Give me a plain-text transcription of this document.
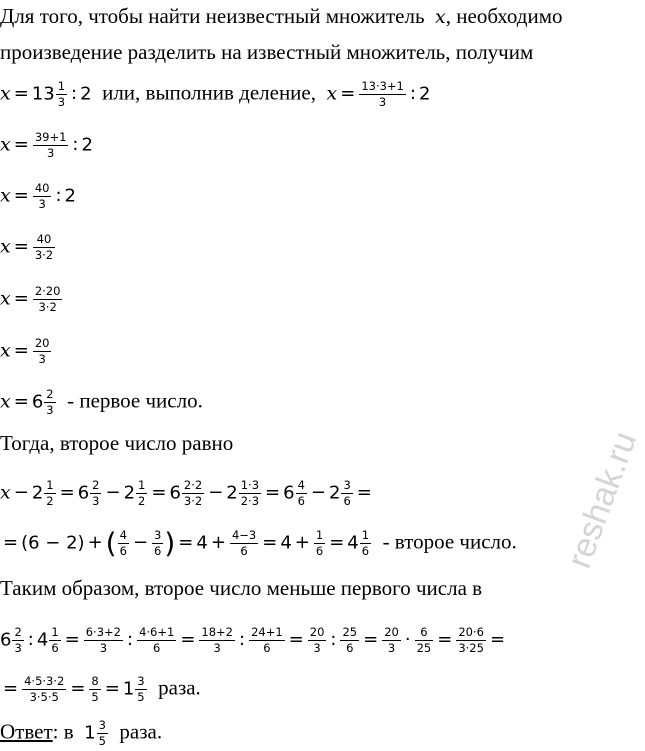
Для того, чтобы найти неизвестный множитель x, необходимо
произведение разделить на известный множитель, получим
$x = 13 \frac{1}{3}$ : 2 или, выполнив деление, $x = \frac{13\cdot 3+1}{3}$ : 2
$x = \frac{39+1}{3}$ : 2
$x = \frac{40}{3}$ : 2
$x = \frac{40}{3\cdot 2}$
$x = \frac{2\cdot 20}{3\cdot 2}$
$x = \frac{20}{3}$
$x = 6 \frac{2}{3}$ - первое число.
Тогда, второе число равно
$x - 2 \frac{1}{2} = 6 \frac{2}{3} - 2 \frac{1}{2} = 6 \frac{2\cdot 2}{3\cdot 2} - 2 \frac{1\cdot 3}{2\cdot 3} = 6 \frac{4}{6} - 2 \frac{3}{6}$ =
= (6 − 2) + ( $\frac{4}{6} - \frac{3}{6}$ ) = $4 + \frac{4-3}{6} = 4 + \frac{1}{6} = 4 \frac{1}{6}$ - второе число.
Таким образом, второе число меньше первого числа в
$6 \frac{2}{3}$ : $4 \frac{1}{6} = \frac{6\cdot 3+2}{3}$ : $\frac{4\cdot 6+1}{6} = \frac{18+2}{3}$ : $\frac{24+1}{6} = \frac{20}{3}$ : $\frac{25}{6} = \frac{20}{3} \cdot \frac{6}{25} = \frac{20\cdot 6}{3\cdot 25}$ =
= $\frac{4\cdot 5\cdot 3\cdot 2}{3\cdot 5\cdot 5} = \frac{8}{5} = 1 \frac{3}{5}$ раза.
Ответ: в $1 \frac{3}{5}$ раза.
reshak.ru
